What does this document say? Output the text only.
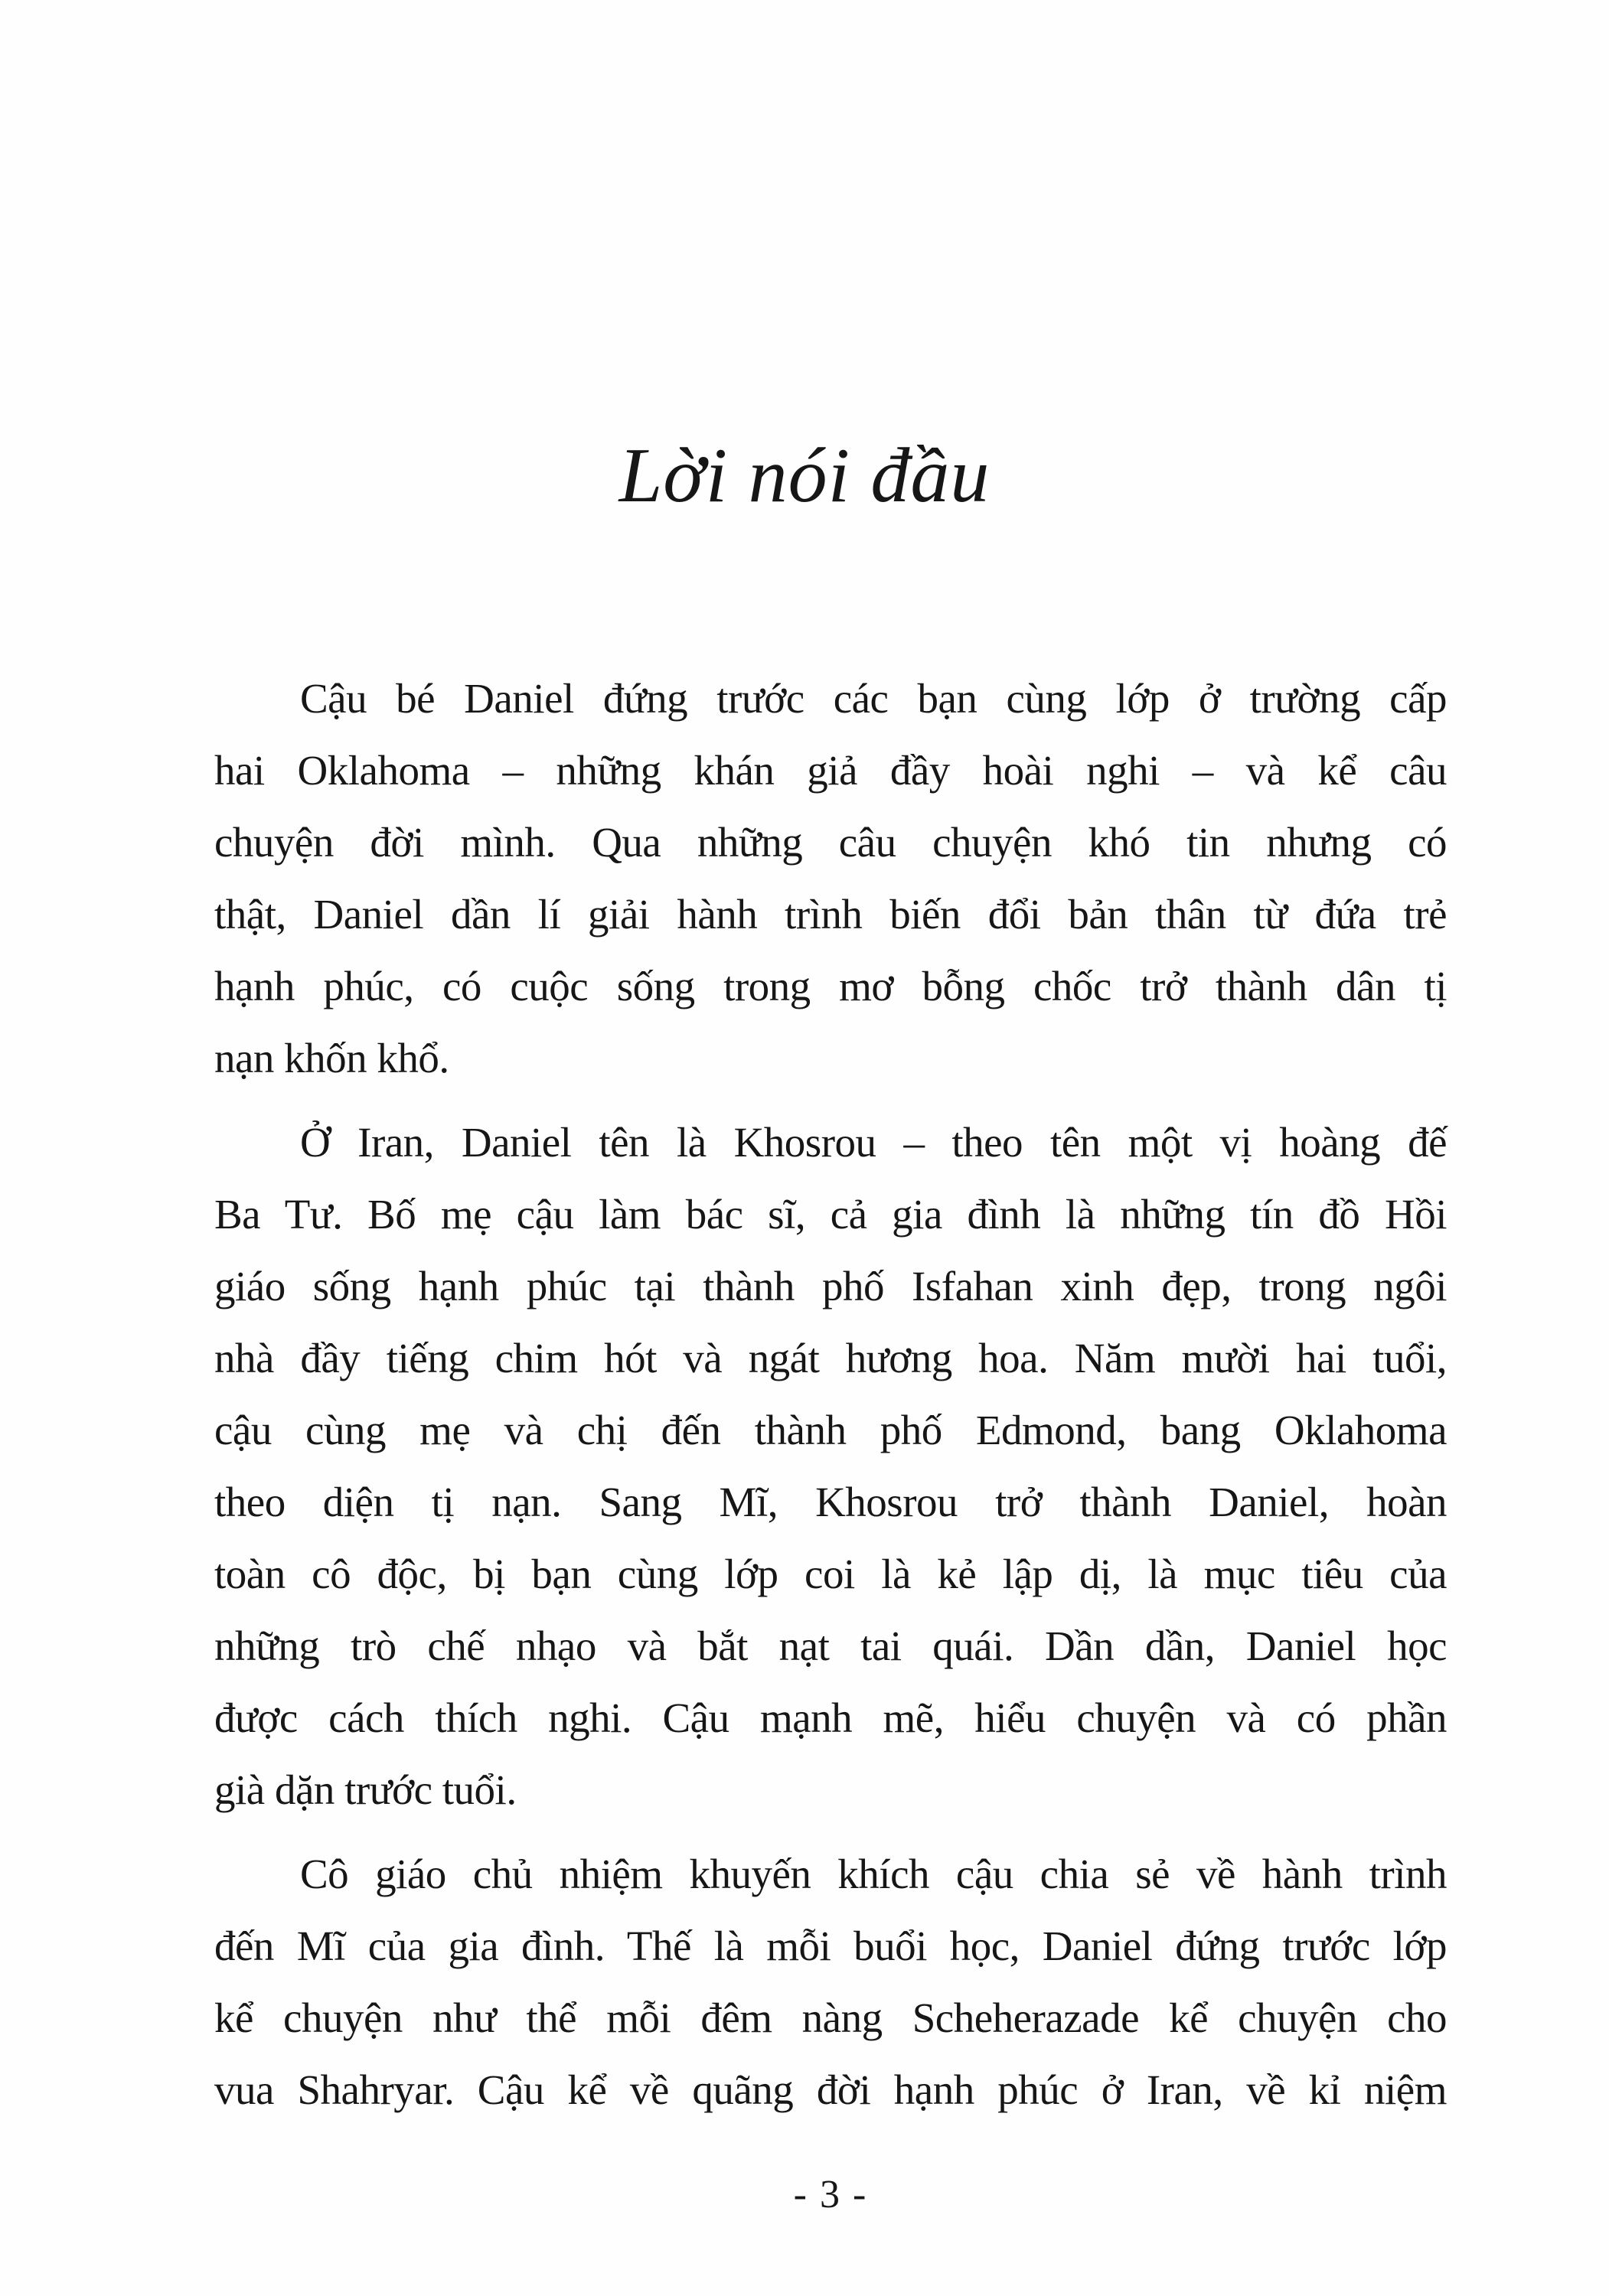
Lời nói đầu
Cậu bé Daniel đứng trước các bạn cùng lớp ở trường cấp
hai Oklahoma – những khán giả đầy hoài nghi – và kể câu
chuyện đời mình. Qua những câu chuyện khó tin nhưng có
thật, Daniel dần lí giải hành trình biến đổi bản thân từ đứa trẻ
hạnh phúc, có cuộc sống trong mơ bỗng chốc trở thành dân tị
nạn khốn khổ.
Ở Iran, Daniel tên là Khosrou – theo tên một vị hoàng đế
Ba Tư. Bố mẹ cậu làm bác sĩ, cả gia đình là những tín đồ Hồi
giáo sống hạnh phúc tại thành phố Isfahan xinh đẹp, trong ngôi
nhà đầy tiếng chim hót và ngát hương hoa. Năm mười hai tuổi,
cậu cùng mẹ và chị đến thành phố Edmond, bang Oklahoma
theo diện tị nạn. Sang Mĩ, Khosrou trở thành Daniel, hoàn
toàn cô độc, bị bạn cùng lớp coi là kẻ lập dị, là mục tiêu của
những trò chế nhạo và bắt nạt tai quái. Dần dần, Daniel học
được cách thích nghi. Cậu mạnh mẽ, hiểu chuyện và có phần
già dặn trước tuổi.
Cô giáo chủ nhiệm khuyến khích cậu chia sẻ về hành trình
đến Mĩ của gia đình. Thế là mỗi buổi học, Daniel đứng trước lớp
kể chuyện như thể mỗi đêm nàng Scheherazade kể chuyện cho
vua Shahryar. Cậu kể về quãng đời hạnh phúc ở Iran, về kỉ niệm
- 3 -
